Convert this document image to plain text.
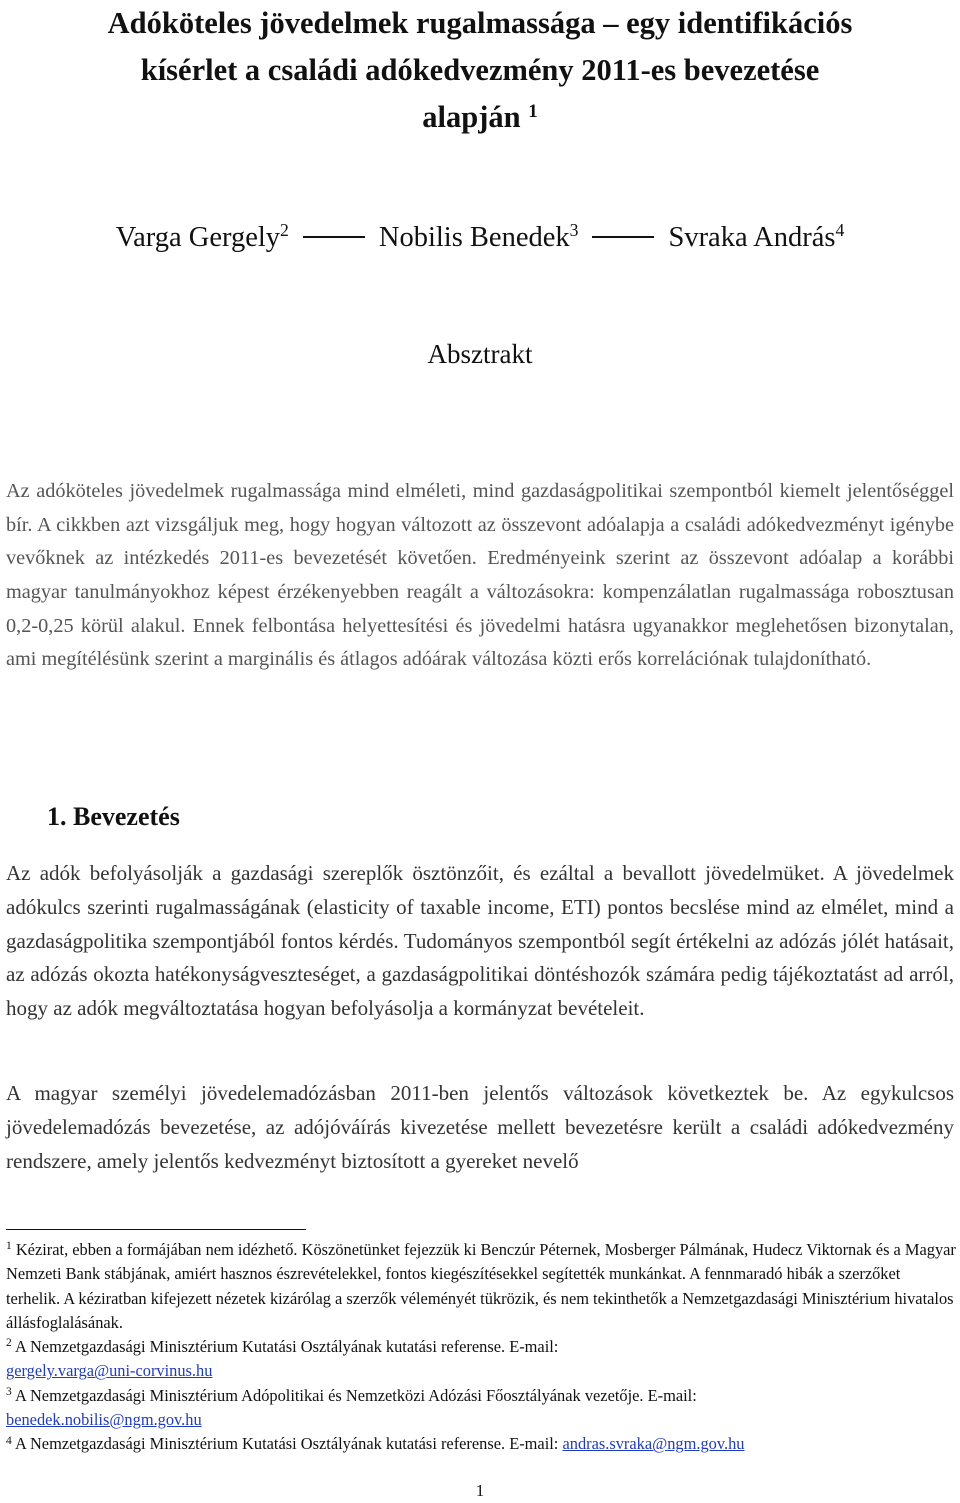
Adóköteles jövedelmek rugalmassága – egy identifikációs
kísérlet a családi adókedvezmény 2011-es bevezetése
alapján $^1$
Varga Gergely$^2$	Nobilis Benedek$^3$	Svraka András$^4$
Absztrakt

Az adóköteles jövedelmek rugalmassága mind elméleti, mind gazdaságpolitikai szempontból kiemelt jelentőséggel bír. A cikkben azt vizsgáljuk meg, hogy hogyan változott az összevont adóalapja a családi adókedvezményt igénybe vevőknek az intézkedés 2011-es bevezetését követően. Eredményeink szerint az összevont adóalap a korábbi magyar tanulmányokhoz képest érzékenyebben reagált a változásokra: kompenzálatlan rugalmassága robosztusan 0,2-0,25 körül alakul. Ennek felbontása helyettesítési és jövedelmi hatásra ugyanakkor meglehetősen bizonytalan, ami megítélésünk szerint a marginális és átlagos adóárak változása közti erős korrelációnak tulajdonítható.

1. Bevezetés

Az adók befolyásolják a gazdasági szereplők ösztönzőit, és ezáltal a bevallott jövedelmüket. A jövedelmek adókulcs szerinti rugalmasságának (elasticity of taxable income, ETI) pontos becslése mind az elmélet, mind a gazdaságpolitika szempontjából fontos kérdés. Tudományos szempontból segít értékelni az adózás jólét hatásait, az adózás okozta hatékonyságveszteséget, a gazdaságpolitikai döntéshozók számára pedig tájékoztatást ad arról, hogy az adók megváltoztatása hogyan befolyásolja a kormányzat bevételeit.

A magyar személyi jövedelemadózásban 2011-ben jelentős változások következtek be. Az egykulcsos jövedelemadózás bevezetése, az adójóváírás kivezetése mellett bevezetésre került a családi adókedvezmény rendszere, amely jelentős kedvezményt biztosított a gyereket nevelő

$^1$ Kézirat, ebben a formájában nem idézhető. Köszönetünket fejezzük ki Benczúr Péternek, Mosberger Pálmának, Hudecz Viktornak és a Magyar Nemzeti Bank stábjának, amiért hasznos észrevételekkel, fontos kiegészítésekkel segítették munkánkat. A fennmaradó hibák a szerzőket terhelik. A kéziratban kifejezett nézetek kizárólag a szerzők véleményét tükrözik, és nem tekinthetők a Nemzetgazdasági Minisztérium hivatalos állásfoglalásának.

$^2$ A Nemzetgazdasági Minisztérium Kutatási Osztályának kutatási referense. E-mail:
gergely.varga@uni-corvinus.hu

$^3$ A Nemzetgazdasági Minisztérium Adópolitikai és Nemzetközi Adózási Főosztályának vezetője. E-mail:
benedek.nobilis@ngm.gov.hu

$^4$ A Nemzetgazdasági Minisztérium Kutatási Osztályának kutatási referense. E-mail: andras.svraka@ngm.gov.hu

1
